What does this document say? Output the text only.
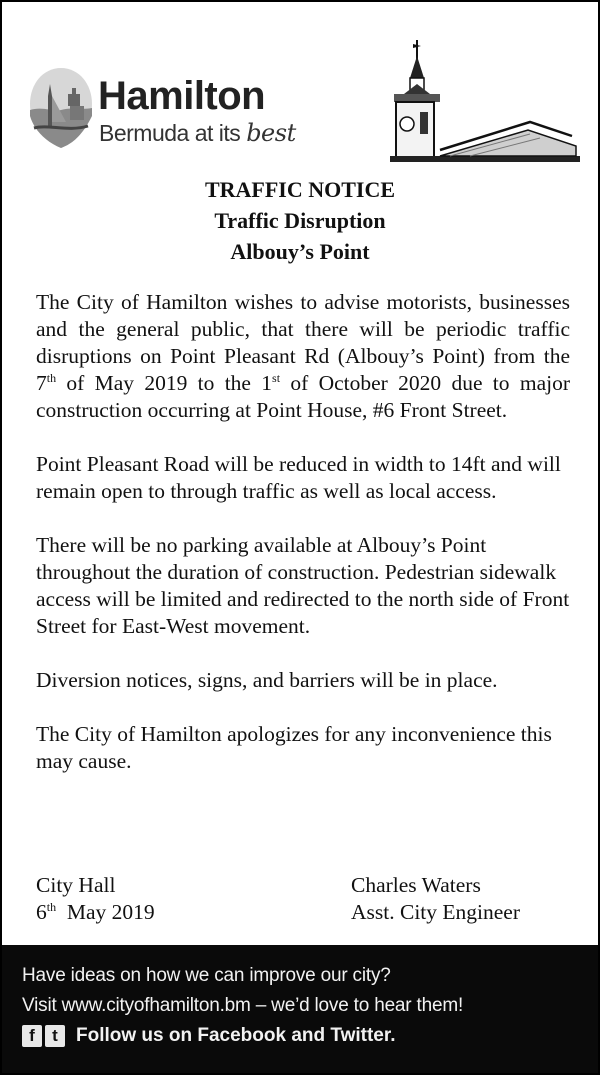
Hamilton
Bermuda at its best
TRAFFIC NOTICE
Traffic Disruption
Albouy’s Point

The City of Hamilton wishes to advise motorists, businesses and the general public, that there will be periodic traffic disruptions on Point Pleasant Rd (Albouy’s Point) from the 7th of May 2019 to the 1st of October 2020 due to major construction occurring at Point House, #6 Front Street.

Point Pleasant Road will be reduced in width to 14ft and will remain open to through traffic as well as local access.

There will be no parking available at Albouy’s Point throughout the duration of construction. Pedestrian sidewalk access will be limited and redirected to the north side of Front Street for East-West movement.

Diversion notices, signs, and barriers will be in place.

The City of Hamilton apologizes for any inconvenience this may cause.

City Hall
6th  May 2019
Charles Waters
Asst. City Engineer
Have ideas on how we can improve our city?
Visit www.cityofhamilton.bm – we’d love to hear them!
f	t Follow us on Facebook and Twitter.
